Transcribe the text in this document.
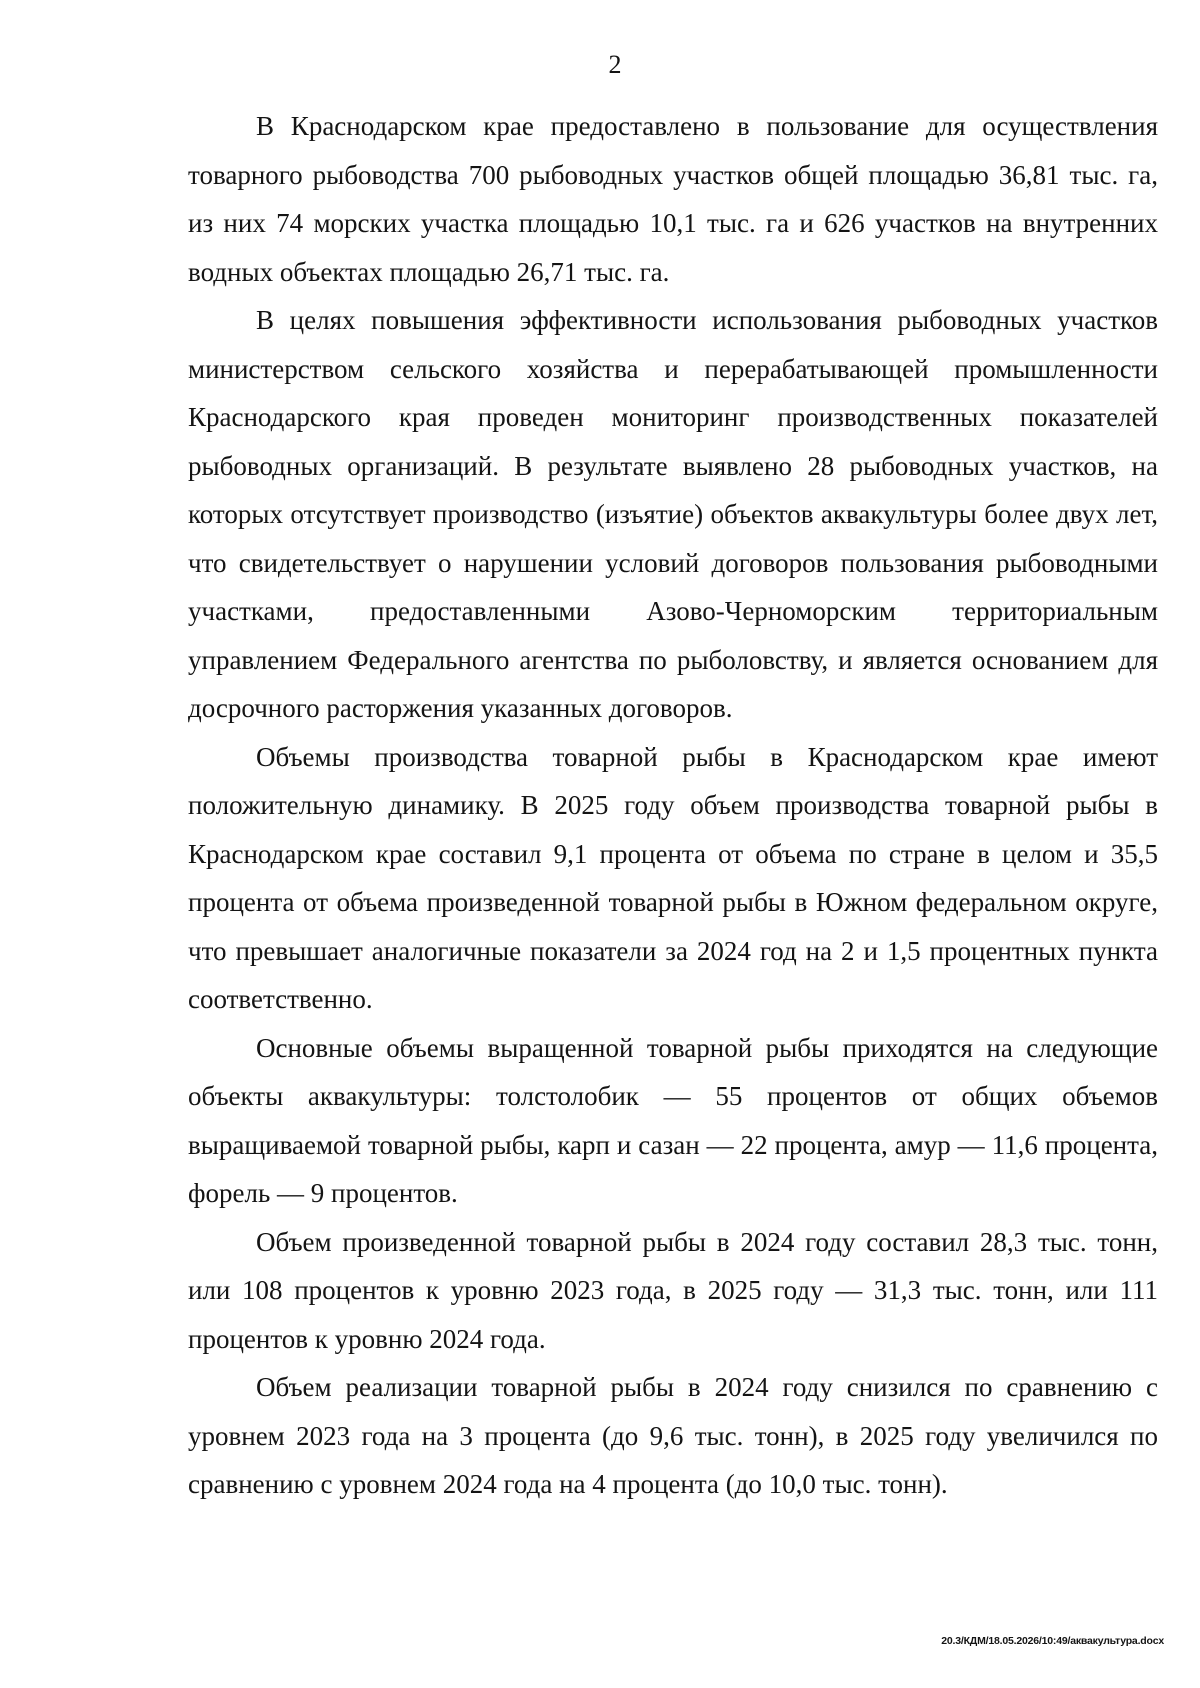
2

В Краснодарском крае предоставлено в пользование для осуществления товарного рыбоводства 700 рыбоводных участков общей площадью 36,81 тыс. га, из них 74 морских участка площадью 10,1 тыс. га и 626 участков на внутренних водных объектах площадью 26,71 тыс. га.

В целях повышения эффективности использования рыбоводных участков министерством сельского хозяйства и перерабатывающей промышленности Краснодарского края проведен мониторинг производственных показателей рыбоводных организаций. В результате выявлено 28 рыбоводных участков, на которых отсутствует производство (изъятие) объектов аквакультуры более двух лет, что свидетельствует о нарушении условий договоров пользования рыбоводными участками, предоставленными Азово-Черноморским территориальным управлением Федерального агентства по рыболовству, и является основанием для досрочного расторжения указанных договоров.

Объемы производства товарной рыбы в Краснодарском крае имеют положительную динамику. В 2025 году объем производства товарной рыбы в Краснодарском крае составил 9,1 процента от объема по стране в целом и 35,5 процента от объема произведенной товарной рыбы в Южном федеральном округе, что превышает аналогичные показатели за 2024 год на 2 и 1,5 процентных пункта соответственно.

Основные объемы выращенной товарной рыбы приходятся на следующие объекты аквакультуры: толстолобик — 55 процентов от общих объемов выращиваемой товарной рыбы, карп и сазан — 22 процента, амур — 11,6 процента, форель — 9 процентов.

Объем произведенной товарной рыбы в 2024 году составил 28,3 тыс. тонн, или 108 процентов к уровню 2023 года, в 2025 году — 31,3 тыс. тонн, или 111 процентов к уровню 2024 года.

Объем реализации товарной рыбы в 2024 году снизился по сравнению с уровнем 2023 года на 3 процента (до 9,6 тыс. тонн), в 2025 году увеличился по сравнению с уровнем 2024 года на 4 процента (до 10,0 тыс. тонн).

20.3/КДМ/18.05.2026/10:49/аквакультура.docx
